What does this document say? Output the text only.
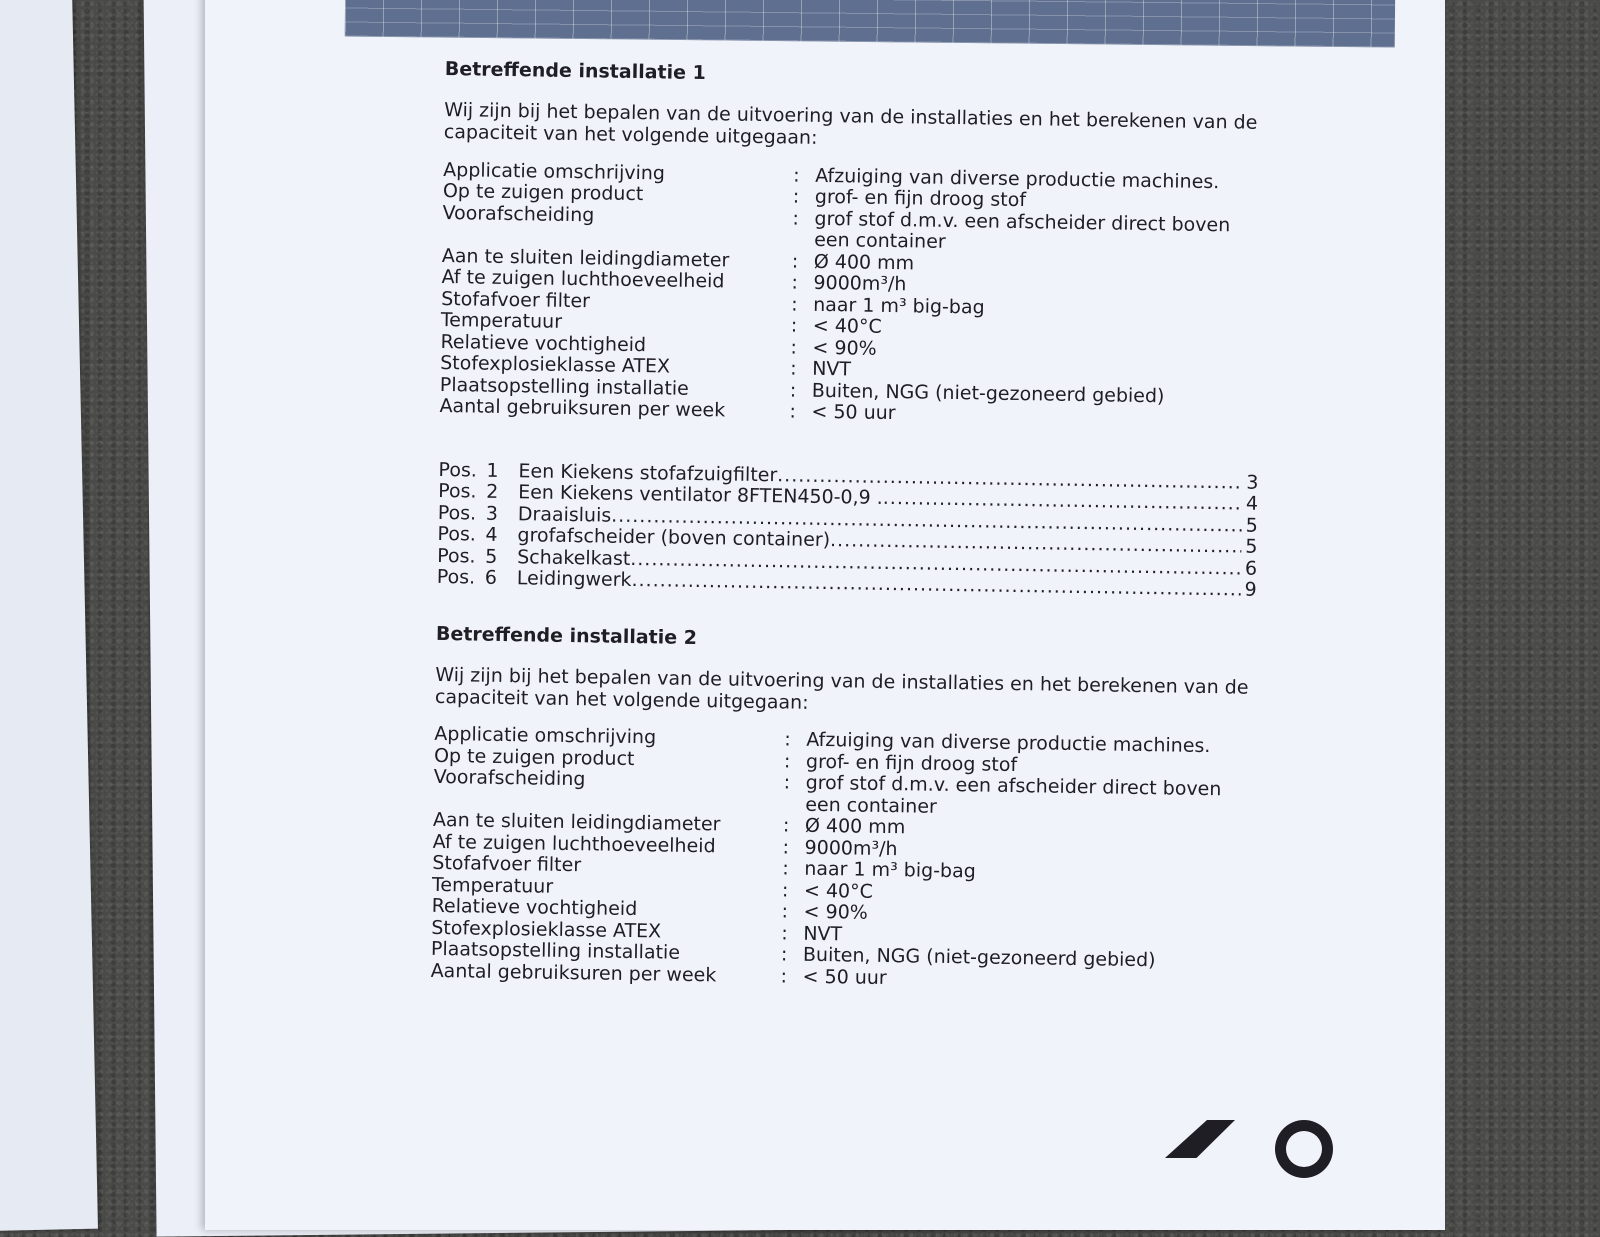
Betreffende installatie 1

Wij zijn bij het bepalen van de uitvoering van de installaties en het berekenen van de capaciteit van het volgende uitgegaan:

Applicatie omschrijving	: Afzuiging van diverse productie machines.
Op te zuigen product	: grof- en fijn droog stof
Voorafscheiding	: grof stof d.m.v. een afscheider direct boven een container
Aan te sluiten leidingdiameter	: Ø 400 mm
Af te zuigen luchthoeveelheid	: 9000m³/h
Stofafvoer filter	: naar 1 m³ big-bag
Temperatuur	: < 40°C
Relatieve vochtigheid	: < 90%
Stofexplosieklasse ATEX	: NVT
Plaatsopstelling installatie	: Buiten, NGG (niet-gezoneerd gebied)
Aantal gebruiksuren per week	: < 50 uur
Pos. 1	Een Kiekens stofafzuigfilter .....	3
Pos. 2	Een Kiekens ventilator 8FTEN450-0,9 . .....	4
Pos. 3	Draaisluis .....	5
Pos. 4	grofafscheider (boven container) .....	5
Pos. 5	Schakelkast .....	6
Pos. 6	Leidingwerk .....	9
Betreffende installatie 2

Wij zijn bij het bepalen van de uitvoering van de installaties en het berekenen van de capaciteit van het volgende uitgegaan:

Applicatie omschrijving	: Afzuiging van diverse productie machines.
Op te zuigen product	: grof- en fijn droog stof
Voorafscheiding	: grof stof d.m.v. een afscheider direct boven een container
Aan te sluiten leidingdiameter	: Ø 400 mm
Af te zuigen luchthoeveelheid	: 9000m³/h
Stofafvoer filter	: naar 1 m³ big-bag
Temperatuur	: < 40°C
Relatieve vochtigheid	: < 90%
Stofexplosieklasse ATEX	: NVT
Plaatsopstelling installatie	: Buiten, NGG (niet-gezoneerd gebied)
Aantal gebruiksuren per week	: < 50 uur
